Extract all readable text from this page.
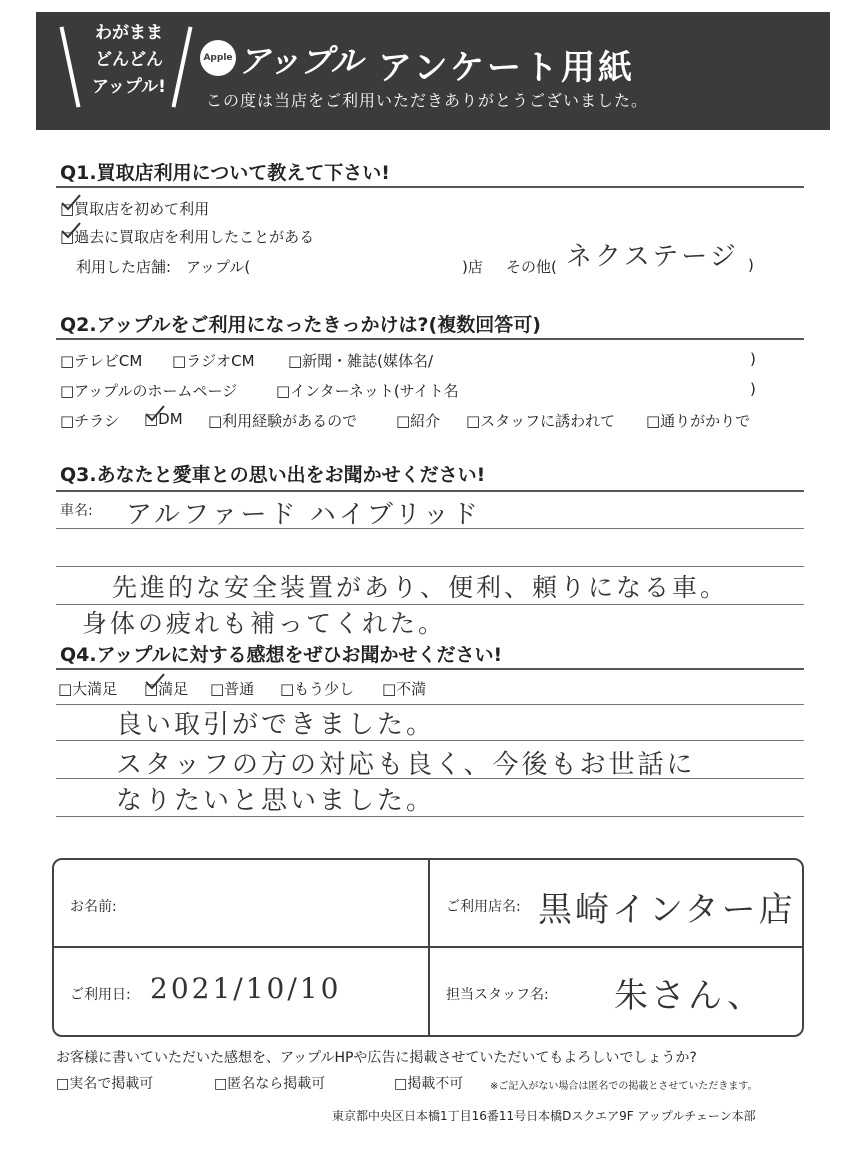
わがまま
どんどん
アップル!
Apple アップル アンケート用紙
この度は当店をご利用いただきありがとうございました。
Q1.買取店利用について教えて下さい!
□買取店を初めて利用
□過去に買取店を利用したことがある
利用した店舗:　アップル(	)店 その他( ネクステージ )
Q2.アップルをご利用になったきっかけは?(複数回答可)
□テレビCM □ラジオCM □新聞・雑誌(媒体名/	)
□アップルのホームページ	□インターネット(サイト名	)
□チラシ □DM □利用経験があるので	□紹介 □スタッフに誘われて □通りがかりで
Q3.あなたと愛車との思い出をお聞かせください!
車名: アルファード ハイブリッド
先進的な安全装置があり、便利、頼りになる車。
身体の疲れも補ってくれた。
Q4.アップルに対する感想をぜひお聞かせください!
□大満足 □満足 □普通 □もう少し □不満
良い取引ができました。
スタッフの方の対応も良く、今後もお世話に
なりたいと思いました。
お名前:	ご利用店名: 黒崎インター店
ご利用日: 2021/10/10	担当スタッフ名: 朱さん、
お客様に書いていただいた感想を、アップルHPや広告に掲載させていただいてもよろしいでしょうか?
□実名で掲載可	□匿名なら掲載可	□掲載不可	※ご記入がない場合は匿名での掲載とさせていただきます。
東京都中央区日本橋1丁目16番11号日本橋Dスクエア9F アップルチェーン本部
